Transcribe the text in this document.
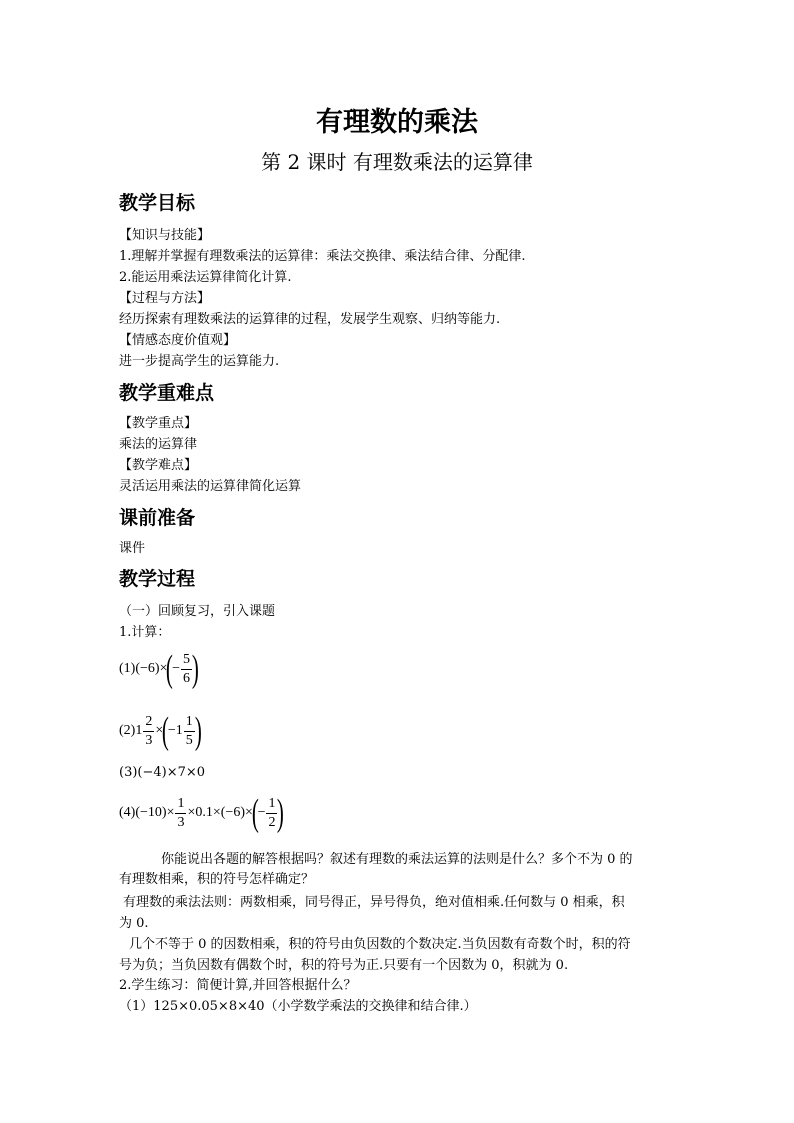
有理数的乘法
第 2 课时 有理数乘法的运算律
教学目标
【知识与技能】
1.理解并掌握有理数乘法的运算律：乘法交换律、乘法结合律、分配律.
2.能运用乘法运算律简化计算.
【过程与方法】
经历探索有理数乘法的运算律的过程，发展学生观察、归纳等能力.
【情感态度价值观】
进一步提高学生的运算能力.
教学重难点
【教学重点】
乘法的运算律
【教学难点】
灵活运用乘法的运算律简化运算
课前准备
课件
教学过程
（一）回顾复习，引入课题
1.计算：
(1) (−6) ×
(
− $\frac{5}{6}$ )
(2) $1 \frac{2}{3}$ ×
(
− $1 \frac{1}{5}$ )
(3)(−4)×7×0
(4) $(-10) \times \frac{1}{3} \times 0.1\times (-6)$ ×
(
− $\frac{1}{2}$ )
你能说出各题的解答根据吗？叙述有理数的乘法运算的法则是什么？多个不为 0 的
有理数相乘，积的符号怎样确定？
有理数的乘法法则：两数相乘，同号得正，异号得负，绝对值相乘.任何数与 0 相乘，积
为 0.
几个不等于 0 的因数相乘，积的符号由负因数的个数决定.当负因数有奇数个时，积的符
号为负；当负因数有偶数个时，积的符号为正.只要有一个因数为 0，积就为 0.
2.学生练习：简便计算,并回答根据什么？
（1）125×0.05×8×40（小学数学乘法的交换律和结合律.）
